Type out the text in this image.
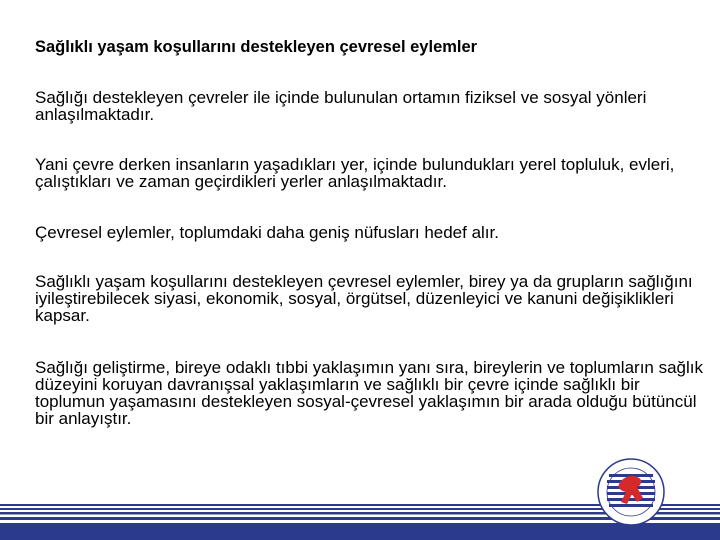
Sağlıklı yaşam koşullarını destekleyen çevresel eylemler

Sağlığı destekleyen çevreler ile içinde bulunulan ortamın fiziksel ve sosyal yönleri anlaşılmaktadır.

Yani çevre derken insanların yaşadıkları yer, içinde bulundukları yerel topluluk, evleri, çalıştıkları ve zaman geçirdikleri yerler anlaşılmaktadır.

Çevresel eylemler, toplumdaki daha geniş nüfusları hedef alır.

Sağlıklı yaşam koşullarını destekleyen çevresel eylemler, birey ya da grupların sağlığını iyileştirebilecek siyasi, ekonomik, sosyal, örgütsel, düzenleyici ve kanuni değişiklikleri kapsar.

Sağlığı geliştirme, bireye odaklı tıbbi yaklaşımın yanı sıra, bireylerin ve toplumların sağlık düzeyini koruyan davranışsal yaklaşımların ve sağlıklı bir çevre içinde sağlıklı bir toplumun yaşamasını destekleyen sosyal-çevresel yaklaşımın bir arada olduğu bütüncül bir anlayıştır.
